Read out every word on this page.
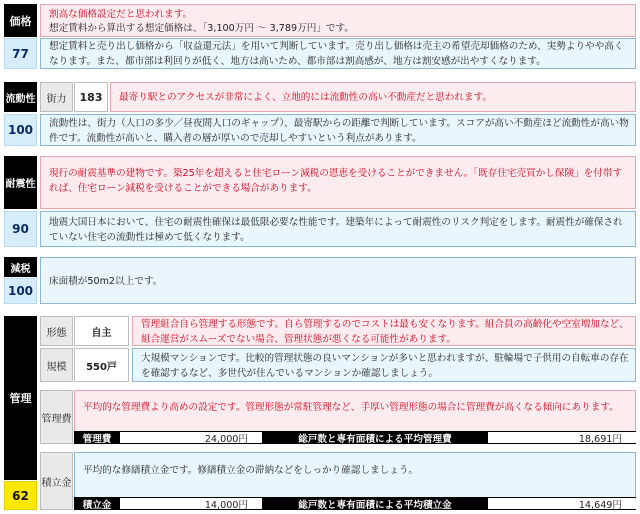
価格
77
割高な価格設定だと思われます。
想定賃料から算出する想定価格は、「3,100万円 ～ 3,789万円」です。
想定賃料と売り出し価格から「収益還元法」を用いて判断しています。売り出し価格は売主の希望売却価格のため、実勢よりやや高くなります。また、都市部は利回りが低く、地方は高いため、都市部は割高感が、地方は割安感が出やすくなります。
流動性 街力 183 最寄り駅とのアクセスが非常によく、立地的には流動性の高い不動産だと思われます。
100 流動性は、街力（人口の多少／昼夜間人口のギャップ）、最寄駅からの距離で判断しています。スコアが高い不動産ほど流動性が高い物件です。流動性が高いと、購入者の層が厚いので売却しやすいという利点があります。
耐震性
現行の耐震基準の建物です。築25年を超えると住宅ローン減税の恩恵を受けることができません。「既存住宅売買かし保険」を付帯すれば、住宅ローン減税を受けることができる場合があります。
90 地震大国日本において、住宅の耐震性確保は最低限必要な性能です。建築年によって耐震性のリスク判定をします。耐震性が確保されていない住宅の流動性は極めて低くなります。
減税
100
床面積が50m2以上です。
管理
62
形態	自主
管理組合自ら管理する形態です。自ら管理するのでコストは最も安くなります。組合員の高齢化や空室増加など、組合運営がスムーズでない場合、管理状態が悪くなる可能性があります。
規模 550戸
大規模マンションです。比較的管理状態の良いマンションが多いと思われますが、駐輪場で子供用の自転車の存在を確認するなど、多世代が住んでいるマンションか確認しましょう。
管理費
平均的な管理費より高めの設定です。管理形態が常駐管理など、手厚い管理形態の場合に管理費が高くなる傾向にあります。
管理費	24,000円	総戸数と専有面積による平均管理費	18,691円
積立金
平均的な修繕積立金です。修繕積立金の滞納などをしっかり確認しましょう。
積立金	14,000円	総戸数と専有面積による平均積立金	14,649円
